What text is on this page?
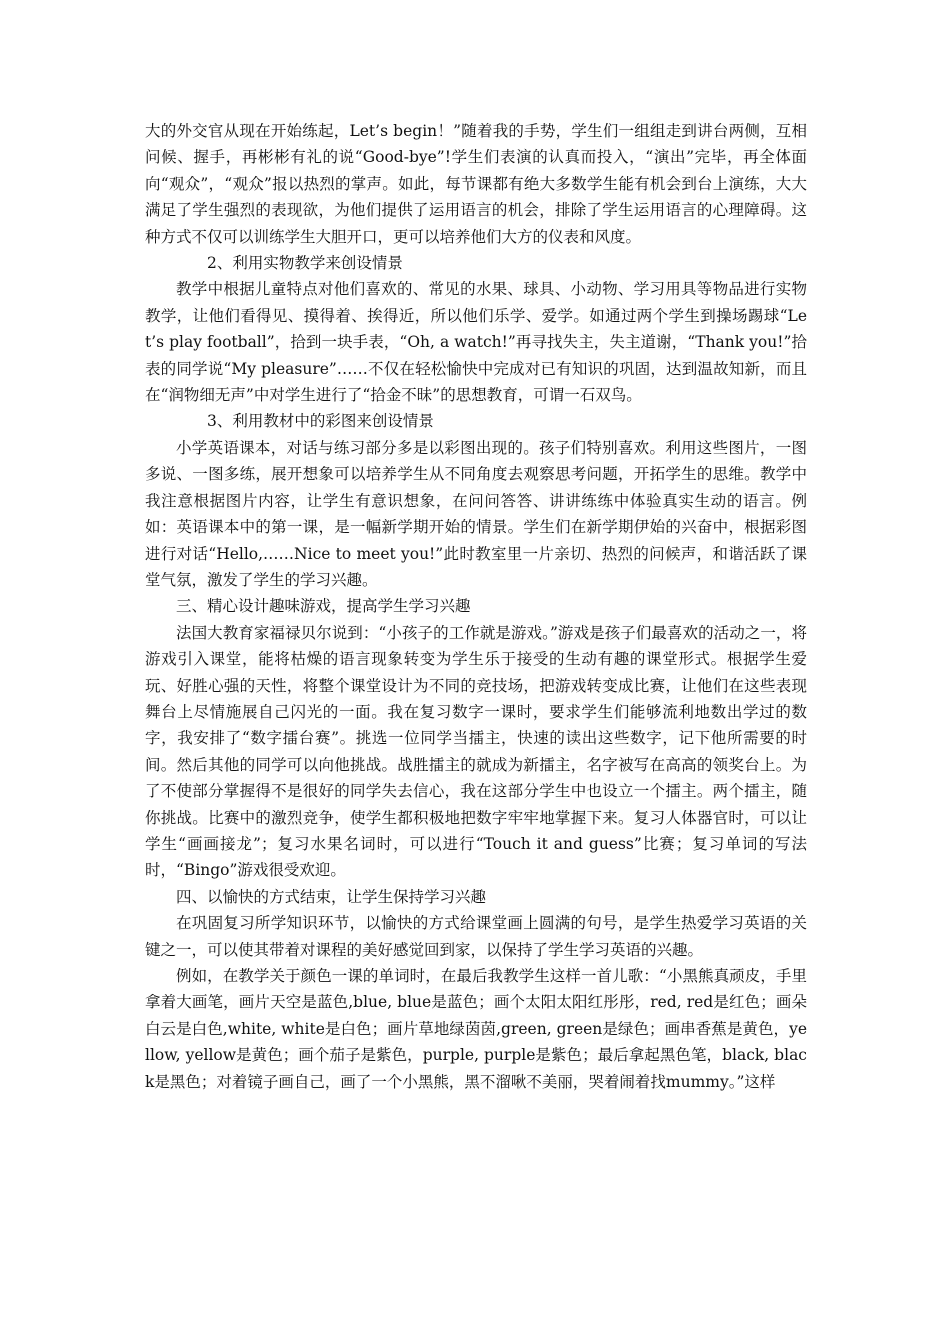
大的外交官从现在开始练起，Let’s begin！”随着我的手势，学生们一组组走到讲台两侧，互相问候、握手，再彬彬有礼的说“Good-bye”!学生们表演的认真而投入，“演出”完毕，再全体面向“观众”，“观众”报以热烈的掌声。如此，每节课都有绝大多数学生能有机会到台上演练，大大满足了学生强烈的表现欲，为他们提供了运用语言的机会，排除了学生运用语言的心理障碍。这种方式不仅可以训练学生大胆开口，更可以培养他们大方的仪表和风度。

2、利用实物教学来创设情景

教学中根据儿童特点对他们喜欢的、常见的水果、球具、小动物、学习用具等物品进行实物教学，让他们看得见、摸得着、挨得近，所以他们乐学、爱学。如通过两个学生到操场踢球“Let’s play football”，拾到一块手表，“Oh, a watch!”再寻找失主，失主道谢，“Thank you!”拾表的同学说“My pleasure”……不仅在轻松愉快中完成对已有知识的巩固，达到温故知新，而且在“润物细无声”中对学生进行了“拾金不昧”的思想教育，可谓一石双鸟。

3、利用教材中的彩图来创设情景

小学英语课本，对话与练习部分多是以彩图出现的。孩子们特别喜欢。利用这些图片，一图多说、一图多练，展开想象可以培养学生从不同角度去观察思考问题，开拓学生的思维。教学中我注意根据图片内容，让学生有意识想象，在问问答答、讲讲练练中体验真实生动的语言。例如：英语课本中的第一课，是一幅新学期开始的情景。学生们在新学期伊始的兴奋中，根据彩图进行对话“Hello,……Nice to meet you!”此时教室里一片亲切、热烈的问候声，和谐活跃了课堂气氛，激发了学生的学习兴趣。

三、精心设计趣味游戏，提高学生学习兴趣

法国大教育家福禄贝尔说到：“小孩子的工作就是游戏。”游戏是孩子们最喜欢的活动之一，将游戏引入课堂，能将枯燥的语言现象转变为学生乐于接受的生动有趣的课堂形式。根据学生爱玩、好胜心强的天性，将整个课堂设计为不同的竞技场，把游戏转变成比赛，让他们在这些表现舞台上尽情施展自己闪光的一面。我在复习数字一课时，要求学生们能够流利地数出学过的数字，我安排了“数字擂台赛”。挑选一位同学当擂主，快速的读出这些数字，记下他所需要的时间。然后其他的同学可以向他挑战。战胜擂主的就成为新擂主，名字被写在高高的领奖台上。为了不使部分掌握得不是很好的同学失去信心，我在这部分学生中也设立一个擂主。两个擂主，随你挑战。比赛中的激烈竞争，使学生都积极地把数字牢牢地掌握下来。复习人体器官时，可以让学生“画画接龙”；复习水果名词时，可以进行“Touch it and guess”比赛；复习单词的写法时，“Bingo”游戏很受欢迎。

四、以愉快的方式结束，让学生保持学习兴趣

在巩固复习所学知识环节，以愉快的方式给课堂画上圆满的句号，是学生热爱学习英语的关键之一，可以使其带着对课程的美好感觉回到家，以保持了学生学习英语的兴趣。

例如，在教学关于颜色一课的单词时，在最后我教学生这样一首儿歌：“小黑熊真顽皮，手里拿着大画笔，画片天空是蓝色,blue, blue是蓝色；画个太阳太阳红彤彤，red, red是红色；画朵白云是白色,white, white是白色；画片草地绿茵茵,green, green是绿色；画串香蕉是黄色，yellow, yellow是黄色；画个茄子是紫色，purple, purple是紫色；最后拿起黑色笔，black, black是黑色；对着镜子画自己，画了一个小黑熊，黑不溜啾不美丽，哭着闹着找mummy。”这样
